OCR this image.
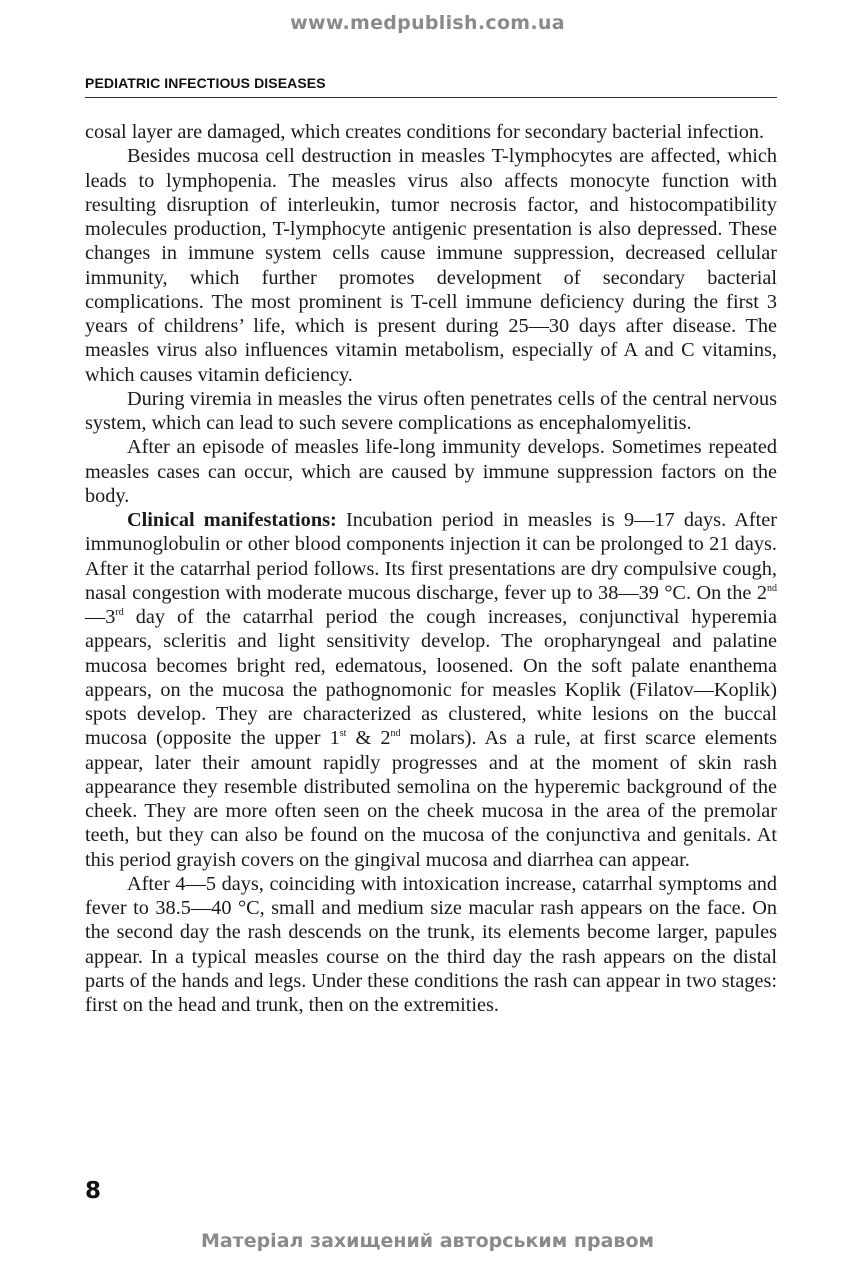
www.medpublish.com.ua
PEDIATRIC INFECTIOUS DISEASES

cosal layer are damaged, which creates conditions for secondary bacterial infection.

Besides mucosa cell destruction in measles T-lymphocytes are affected, which leads to lymphopenia. The measles virus also affects monocyte function with resulting disruption of interleukin, tumor necrosis factor, and histocompatibility molecules production, T-lymphocyte antigenic presentation is also depressed. These changes in immune system cells cause immune suppression, decreased cellular immunity, which further promotes development of secondary bacterial complications. The most prominent is T-cell immune deficiency during the first 3 years of childrens’ life, which is present during 25—30 days after disease. The measles virus also influences vitamin metabolism, especially of A and C vitamins, which causes vitamin deficiency.

During viremia in measles the virus often penetrates cells of the central nervous system, which can lead to such severe complications as encephalomyelitis.

After an episode of measles life-long immunity develops. Sometimes repeated measles cases can occur, which are caused by immune suppression factors on the body.

Clinical manifestations: Incubation period in measles is 9—17 days. After immunoglobulin or other blood components injection it can be prolonged to 21 days. After it the catarrhal period follows. Its first presentations are dry compulsive cough, nasal congestion with moderate mucous discharge, fever up to 38—39 °C. On the 2nd—3rd day of the catarrhal period the cough increases, conjunctival hyperemia appears, scleritis and light sensitivity develop. The oropharyngeal and palatine mucosa becomes bright red, edematous, loosened. On the soft palate enanthema appears, on the mucosa the pathognomonic for measles Koplik (Filatov—Koplik) spots develop. They are characterized as clustered, white lesions on the buccal mucosa (opposite the upper 1st & 2nd molars). As a rule, at first scarce elements appear, later their amount rapidly progresses and at the moment of skin rash appearance they resemble distributed semolina on the hyperemic background of the cheek. They are more often seen on the cheek mucosa in the area of the premolar teeth, but they can also be found on the mucosa of the conjunctiva and genitals. At this period grayish covers on the gingival mucosa and diarrhea can appear.

After 4—5 days, coinciding with intoxication increase, catarrhal symptoms and fever to 38.5—40 °C, small and medium size macular rash appears on the face. On the second day the rash descends on the trunk, its elements become larger, papules appear. In a typical measles course on the third day the rash appears on the distal parts of the hands and legs. Under these conditions the rash can appear in two stages: first on the head and trunk, then on the extremities.

8
Матеріал захищений авторським правом
